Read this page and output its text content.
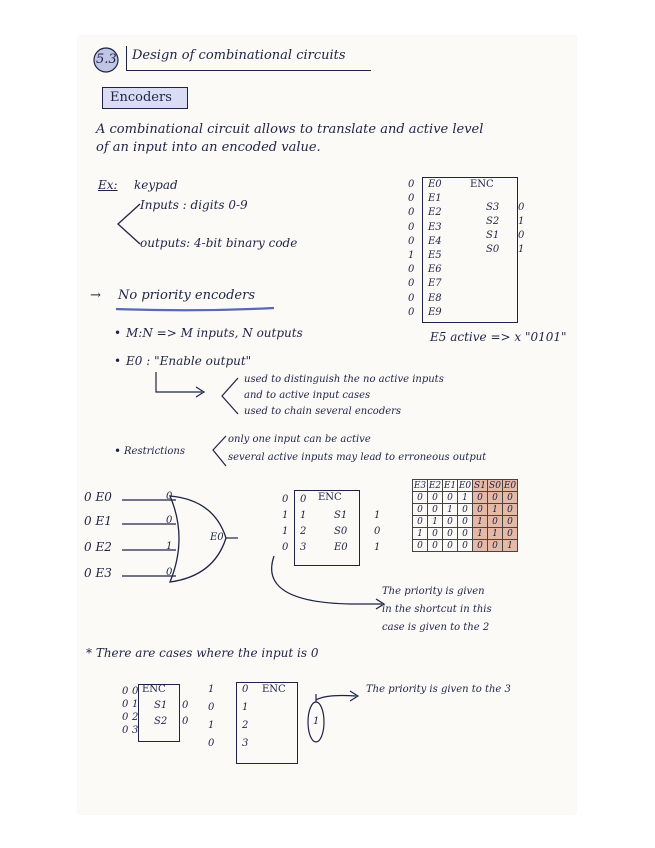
5.3 Design of combinational circuits
Encoders
A combinational circuit allows to translate and active level
of an input into an encoded value.
Ex: keypad
Inputs : digits 0-9
outputs: 4-bit binary code
ENC
0 E0
0 E1
0 E2
0 E3
0 E4
1 E5
0 E6
0 E7
0 E8
0 E9
S3 0
S2 1
S1 0
S0 1
E5 active => x "0101"
→ No priority encoders
• M:N => M inputs, N outputs
• E0 : "Enable output"
used to distinguish the no active inputs
and to active input cases
used to chain several encoders
• Restrictions
only one input can be active
several active inputs may lead to erroneous output
0 E0
0 E1
0 E2
0 E3
E0
0
0
1
0
ENC
0 0
1 1
1 2
0 3
S1	1
S0	0
E0	1
E3	E2	E1	E0	S1	S0	E0
0	0	0	1	0	0	0
0	0	1	0	0	1	0
0	1	0	0	1	0	0
1	0	0	0	1	1	0
0	0	0	0	0	0	1
The priority is given
in the shortcut in this
case is given to the 2
* There are cases where the input is 0
ENC
0 0
0 1
0 2
0 3
S1 0
S2 0
ENC
1	0
0	1
1	2
0	3
1
The priority is given to the 3
